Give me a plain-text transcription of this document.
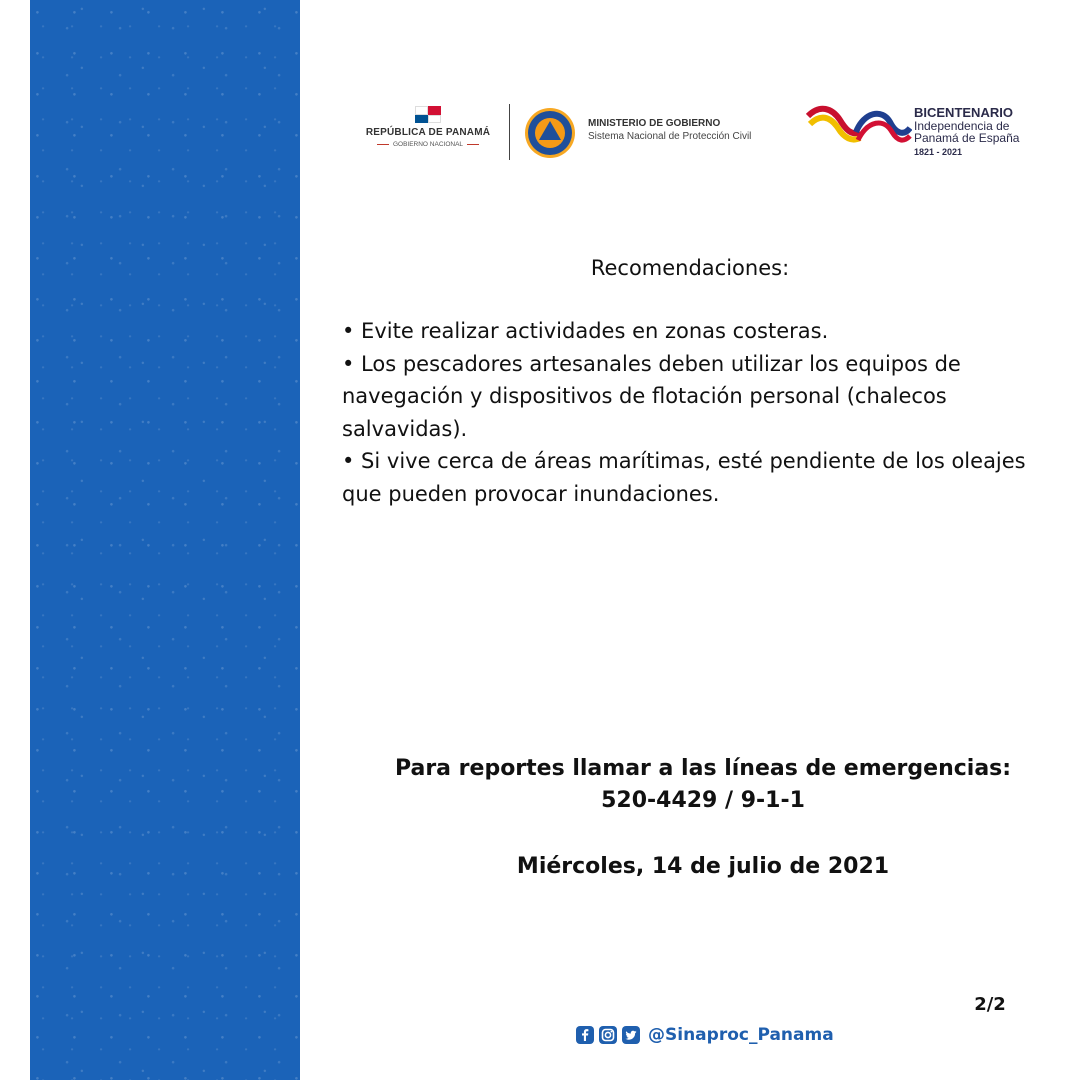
REPÚBLICA DE PANAMÁ
GOBIERNO NACIONAL
MINISTERIO DE GOBIERNO
Sistema Nacional de Protección Civil
BICENTENARIO
Independencia de
Panamá de España
1821 - 2021
Recomendaciones:

• Evite realizar actividades en zonas costeras.

• Los pescadores artesanales deben utilizar los equipos de navegación y dispositivos de flotación personal (chalecos salvavidas).

• Si vive cerca de áreas marítimas, esté pendiente de los oleajes  que pueden provocar inundaciones.

Para reportes llamar a las líneas de emergencias:
520-4429 / 9-1-1
Miércoles, 14 de julio de 2021
2/2
@Sinaproc_Panama
